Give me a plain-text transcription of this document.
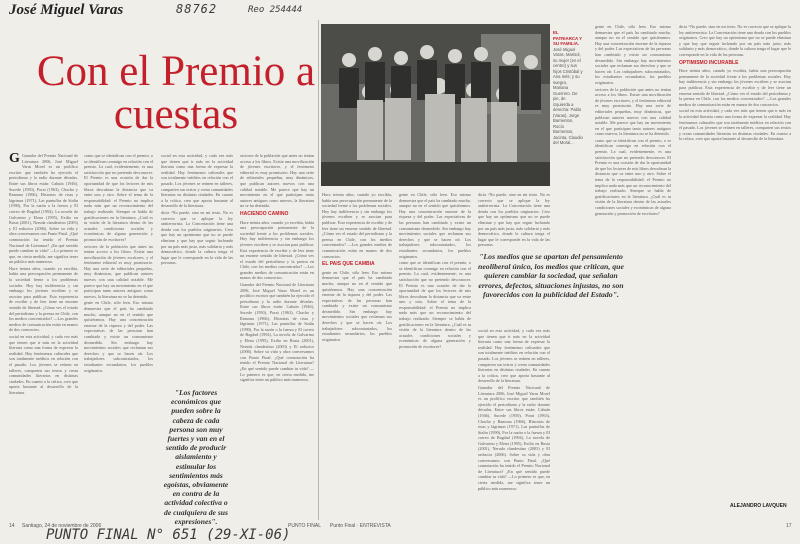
88762	Reo 254444
José Miguel Varas
Con el Premio a cuestas

G Ganador del Premio Nacional de Literatura 2006, José Miguel Varas Morel es un prolífico escritor que también ha ejercido el periodismo y la radio durante décadas. Entre sus libros están: Cahuín (1946), Sucede (1950), Porai (1963), Chacho y Ramona (1966), Historias de risas y lágrimas (1971), Las pantuflas de Stalin (1990), Por la razón o la fuerza y El correo de Bagdad (1994), La novela de Galvarino y Elena (1995), Exilio en Rusia (2001), Neruda clandestino (2003) y El seductor (2006). Sobre su vida y obra conversamos con Punto Final. ¿Qué connotación ha tenido el Premio Nacional de Literatura? ¿En qué sentido puede cambiar tu vida? —Lo primero es que, en cierta medida, me significa tener un público más numeroso.

Hace treinta años, cuando yo escribía, había una preocupación permanente de la sociedad frente a los problemas sociales. Hoy hay indiferencia y sin embargo los jóvenes escriben y se asocian para publicar. Esta experiencia de escribir y de leer tiene un enorme sentido de libertad. ¿Cómo ves el estado del periodismo y la prensa en Chile, con los medios concentrados? —Los grandes medios de comunicación están en manos de dos consorcios.

social en esta actividad, y cada vez más que tienen que ir más en la actividad literaria como una forma de expresar la realidad. Hay fenómenos culturales que son totalmente inéditos en relación con el pasado. Los jóvenes se reúnen en talleres, comparten sus textos y crean comunidades literarias en distintas ciudades. En cuanto a la crítica, creo que aporta bastante al desarrollo de la literatura.

como que se identifican con el premio, o se identifican conmigo en relación con el premio. La cual, evidentemente, es una satisfacción que no pretendo desconocer. El Premio es una ocasión de dar la oportunidad de que los lectores de mis libros descubran la distancia que va entre uno y otro. Sobre el tema de la responsabilidad: el Premio no implica nada más que un reconocimiento del trabajo realizado. Siempre se habla de gratificaciones en la literatura. ¿Cuál es tu visión de la literatura dentro de las actuales condiciones sociales y económicas de alguna generación y promoción de escritores?

sectores de la población que antes no tenían acceso a los libros. Existe una movilización de jóvenes escritores, y el fenómeno editorial es muy promisorio. Hay una serie de editoriales pequeñas, muy dinámicas, que publican autores nuevos con una calidad notable. Me parece que hay un movimiento en el que participan tanto autores antiguos como nuevos, la literatura no se ha detenido.

gente en Chile, sólo leen. Eso mismo demuestra que el país ha cambiado mucho, aunque no en el sentido que quisiéramos. Hay una concentración enorme de la riqueza y del poder. Las expectativas de las personas han cambiado y existe un consumismo desmedido. Sin embargo hay movimientos sociales que reclaman sus derechos y que se hacen oír. Los trabajadores subcontratados, los estudiantes secundarios, los pueblos originarios.

social en esta actividad, y cada vez más que tienen que ir más en la actividad literaria como una forma de expresar la realidad. Hay fenómenos culturales que son totalmente inéditos en relación con el pasado. Los jóvenes se reúnen en talleres, comparten sus textos y crean comunidades literarias en distintas ciudades. En cuanto a la crítica, creo que aporta bastante al desarrollo de la literatura.

dicía “No puede, sino en mi texto. No es correcto que se aplique la ley antiterrorista. La Concertación tiene una deuda con los pueblos originarios. Creo que hay un optimismo que no se puede eliminar y que hay que seguir luchando por un país más justo, más solidario y más democrático, donde la cultura tenga el lugar que le corresponde en la vida de las personas.

"Los factores económicos que pueden sobre la cabeza de cada persona son muy fuertes y van en el sentido de producir aislamiento y estimular los sentimientos más egoístas, obviamente en contra de la actividad colectiva o de cualquiera de sus expresiones".

sectores de la población que antes no tenían acceso a los libros. Existe una movilización de jóvenes escritores, y el fenómeno editorial es muy promisorio. Hay una serie de editoriales pequeñas, muy dinámicas, que publican autores nuevos con una calidad notable. Me parece que hay un movimiento en el que participan tanto autores antiguos como nuevos, la literatura no se ha detenido.

HACIENDO CAMINO

Hace treinta años, cuando yo escribía, había una preocupación permanente de la sociedad frente a los problemas sociales. Hoy hay indiferencia y sin embargo los jóvenes escriben y se asocian para publicar. Esta experiencia de escribir y de leer tiene un enorme sentido de libertad. ¿Cómo ves el estado del periodismo y la prensa en Chile, con los medios concentrados? —Los grandes medios de comunicación están en manos de dos consorcios.

Ganador del Premio Nacional de Literatura 2006, José Miguel Varas Morel es un prolífico escritor que también ha ejercido el periodismo y la radio durante décadas. Entre sus libros están: Cahuín (1946), Sucede (1950), Porai (1963), Chacho y Ramona (1966), Historias de risas y lágrimas (1971), Las pantuflas de Stalin (1990), Por la razón o la fuerza y El correo de Bagdad (1994), La novela de Galvarino y Elena (1995), Exilio en Rusia (2001), Neruda clandestino (2003) y El seductor (2006). Sobre su vida y obra conversamos con Punto Final. ¿Qué connotación ha tenido el Premio Nacional de Literatura? ¿En qué sentido puede cambiar tu vida? —Lo primero es que, en cierta medida, me significa tener un público más numeroso.

EL PATRIARCA Y SU FAMILIA.
José Miguel Varas, Marisol, su mujer (en el centro) y sus hijos Cristóbal y Ana Inés; y su suegra, Mariana Guerrero. De pie, de izquierda a derecha: Pablo (Varas), Jorge Barrientos, Rocío Barrientos, Jacinta, Claudio del Moral...

Hace treinta años, cuando yo escribía, había una preocupación permanente de la sociedad frente a los problemas sociales. Hoy hay indiferencia y sin embargo los jóvenes escriben y se asocian para publicar. Esta experiencia de escribir y de leer tiene un enorme sentido de libertad. ¿Cómo ves el estado del periodismo y la prensa en Chile, con los medios concentrados? —Los grandes medios de comunicación están en manos de dos consorcios.

EL PAIS QUE CAMBIA

gente en Chile, sólo leen. Eso mismo demuestra que el país ha cambiado mucho, aunque no en el sentido que quisiéramos. Hay una concentración enorme de la riqueza y del poder. Las expectativas de las personas han cambiado y existe un consumismo desmedido. Sin embargo hay movimientos sociales que reclaman sus derechos y que se hacen oír. Los trabajadores subcontratados, los estudiantes secundarios, los pueblos originarios.

gente en Chile, sólo leen. Eso mismo demuestra que el país ha cambiado mucho, aunque no en el sentido que quisiéramos. Hay una concentración enorme de la riqueza y del poder. Las expectativas de las personas han cambiado y existe un consumismo desmedido. Sin embargo hay movimientos sociales que reclaman sus derechos y que se hacen oír. Los trabajadores subcontratados, los estudiantes secundarios, los pueblos originarios.

como que se identifican con el premio, o se identifican conmigo en relación con el premio. La cual, evidentemente, es una satisfacción que no pretendo desconocer. El Premio es una ocasión de dar la oportunidad de que los lectores de mis libros descubran la distancia que va entre uno y otro. Sobre el tema de la responsabilidad: el Premio no implica nada más que un reconocimiento del trabajo realizado. Siempre se habla de gratificaciones en la literatura. ¿Cuál es tu visión de la literatura dentro de las actuales condiciones sociales y económicas de alguna generación y promoción de escritores?

dicía “No puede, sino en mi texto. No es correcto que se aplique la ley antiterrorista. La Concertación tiene una deuda con los pueblos originarios. Creo que hay un optimismo que no se puede eliminar y que hay que seguir luchando por un país más justo, más solidario y más democrático, donde la cultura tenga el lugar que le corresponde en la vida de las personas.

"Los medios que se apartan del pensamiento neoliberal único, los medios que critican, que quieren cambiar la sociedad, que señalan errores, defectos, situaciones injustas, no son favorecidos con la publicidad del Estado".

social en esta actividad, y cada vez más que tienen que ir más en la actividad literaria como una forma de expresar la realidad. Hay fenómenos culturales que son totalmente inéditos en relación con el pasado. Los jóvenes se reúnen en talleres, comparten sus textos y crean comunidades literarias en distintas ciudades. En cuanto a la crítica, creo que aporta bastante al desarrollo de la literatura.

Ganador del Premio Nacional de Literatura 2006, José Miguel Varas Morel es un prolífico escritor que también ha ejercido el periodismo y la radio durante décadas. Entre sus libros están: Cahuín (1946), Sucede (1950), Porai (1963), Chacho y Ramona (1966), Historias de risas y lágrimas (1971), Las pantuflas de Stalin (1990), Por la razón o la fuerza y El correo de Bagdad (1994), La novela de Galvarino y Elena (1995), Exilio en Rusia (2001), Neruda clandestino (2003) y El seductor (2006). Sobre su vida y obra conversamos con Punto Final. ¿Qué connotación ha tenido el Premio Nacional de Literatura? ¿En qué sentido puede cambiar tu vida? —Lo primero es que, en cierta medida, me significa tener un público más numeroso.

gente en Chile, sólo leen. Eso mismo demuestra que el país ha cambiado mucho, aunque no en el sentido que quisiéramos. Hay una concentración enorme de la riqueza y del poder. Las expectativas de las personas han cambiado y existe un consumismo desmedido. Sin embargo hay movimientos sociales que reclaman sus derechos y que se hacen oír. Los trabajadores subcontratados, los estudiantes secundarios, los pueblos originarios.

sectores de la población que antes no tenían acceso a los libros. Existe una movilización de jóvenes escritores, y el fenómeno editorial es muy promisorio. Hay una serie de editoriales pequeñas, muy dinámicas, que publican autores nuevos con una calidad notable. Me parece que hay un movimiento en el que participan tanto autores antiguos como nuevos, la literatura no se ha detenido.

como que se identifican con el premio, o se identifican conmigo en relación con el premio. La cual, evidentemente, es una satisfacción que no pretendo desconocer. El Premio es una ocasión de dar la oportunidad de que los lectores de mis libros descubran la distancia que va entre uno y otro. Sobre el tema de la responsabilidad: el Premio no implica nada más que un reconocimiento del trabajo realizado. Siempre se habla de gratificaciones en la literatura. ¿Cuál es tu visión de la literatura dentro de las actuales condiciones sociales y económicas de alguna generación y promoción de escritores?

dicía “No puede, sino en mi texto. No es correcto que se aplique la ley antiterrorista. La Concertación tiene una deuda con los pueblos originarios. Creo que hay un optimismo que no se puede eliminar y que hay que seguir luchando por un país más justo, más solidario y más democrático, donde la cultura tenga el lugar que le corresponde en la vida de las personas.

OPTIMISMO INCURABLE

Hace treinta años, cuando yo escribía, había una preocupación permanente de la sociedad frente a los problemas sociales. Hoy hay indiferencia y sin embargo los jóvenes escriben y se asocian para publicar. Esta experiencia de escribir y de leer tiene un enorme sentido de libertad. ¿Cómo ves el estado del periodismo y la prensa en Chile, con los medios concentrados? —Los grandes medios de comunicación están en manos de dos consorcios.

social en esta actividad, y cada vez más que tienen que ir más en la actividad literaria como una forma de expresar la realidad. Hay fenómenos culturales que son totalmente inéditos en relación con el pasado. Los jóvenes se reúnen en talleres, comparten sus textos y crean comunidades literarias en distintas ciudades. En cuanto a la crítica, creo que aporta bastante al desarrollo de la literatura.

ALEJANDRO LAVQUEN
14 Santiago, 24 de noviembre de 2006	PUNTO FINAL Punto Final · ENTREVISTA	17
PUNTO FINAL N° 651 (29-XI-06)
